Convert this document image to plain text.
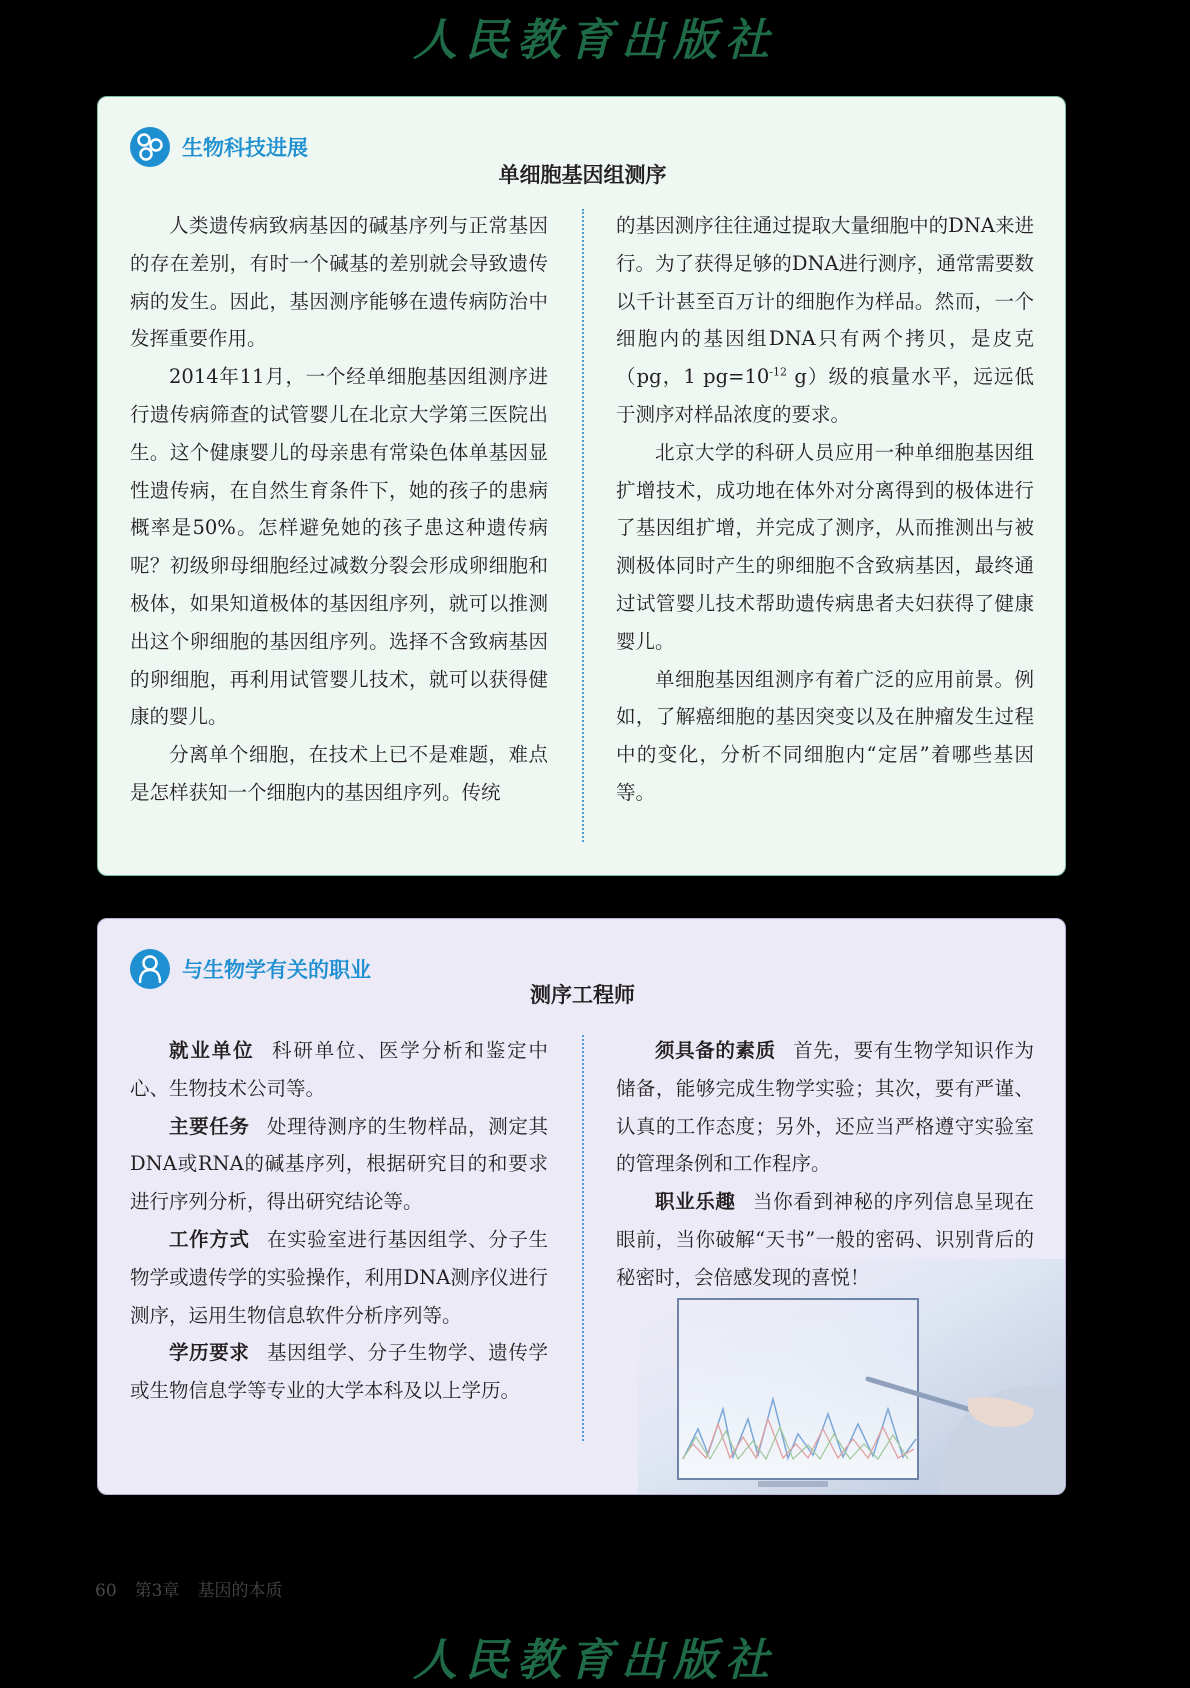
人民教育出版社
生物科技进展
单细胞基因组测序

人类遗传病致病基因的碱基序列与正常基因的存在差别，有时一个碱基的差别就会导致遗传病的发生。因此，基因测序能够在遗传病防治中发挥重要作用。

2014年11月，一个经单细胞基因组测序进行遗传病筛查的试管婴儿在北京大学第三医院出生。这个健康婴儿的母亲患有常染色体单基因显性遗传病，在自然生育条件下，她的孩子的患病概率是50%。怎样避免她的孩子患这种遗传病呢？初级卵母细胞经过减数分裂会形成卵细胞和极体，如果知道极体的基因组序列，就可以推测出这个卵细胞的基因组序列。选择不含致病基因的卵细胞，再利用试管婴儿技术，就可以获得健康的婴儿。

分离单个细胞，在技术上已不是难题，难点是怎样获知一个细胞内的基因组序列。传统

的基因测序往往通过提取大量细胞中的DNA来进行。为了获得足够的DNA进行测序，通常需要数以千计甚至百万计的细胞作为样品。然而，一个细胞内的基因组DNA只有两个拷贝，是皮克（pg，1 $pg=10^{-12}$ g）级的痕量水平，远远低于测序对样品浓度的要求。

北京大学的科研人员应用一种单细胞基因组扩增技术，成功地在体外对分离得到的极体进行了基因组扩增，并完成了测序，从而推测出与被测极体同时产生的卵细胞不含致病基因，最终通过试管婴儿技术帮助遗传病患者夫妇获得了健康婴儿。

单细胞基因组测序有着广泛的应用前景。例如，了解癌细胞的基因突变以及在肿瘤发生过程中的变化，分析不同细胞内“定居”着哪些基因等。

与生物学有关的职业
测序工程师

就业单位 科研单位、医学分析和鉴定中心、生物技术公司等。

主要任务 处理待测序的生物样品，测定其DNA或RNA的碱基序列，根据研究目的和要求进行序列分析，得出研究结论等。

工作方式 在实验室进行基因组学、分子生物学或遗传学的实验操作，利用DNA测序仪进行测序，运用生物信息软件分析序列等。

学历要求 基因组学、分子生物学、遗传学或生物信息学等专业的大学本科及以上学历。

须具备的素质 首先，要有生物学知识作为储备，能够完成生物学实验；其次，要有严谨、认真的工作态度；另外，还应当严格遵守实验室的管理条例和工作程序。

职业乐趣 当你看到神秘的序列信息呈现在眼前，当你破解“天书”一般的密码、识别背后的秘密时，会倍感发现的喜悦！

60 第3章 基因的本质
人民教育出版社
